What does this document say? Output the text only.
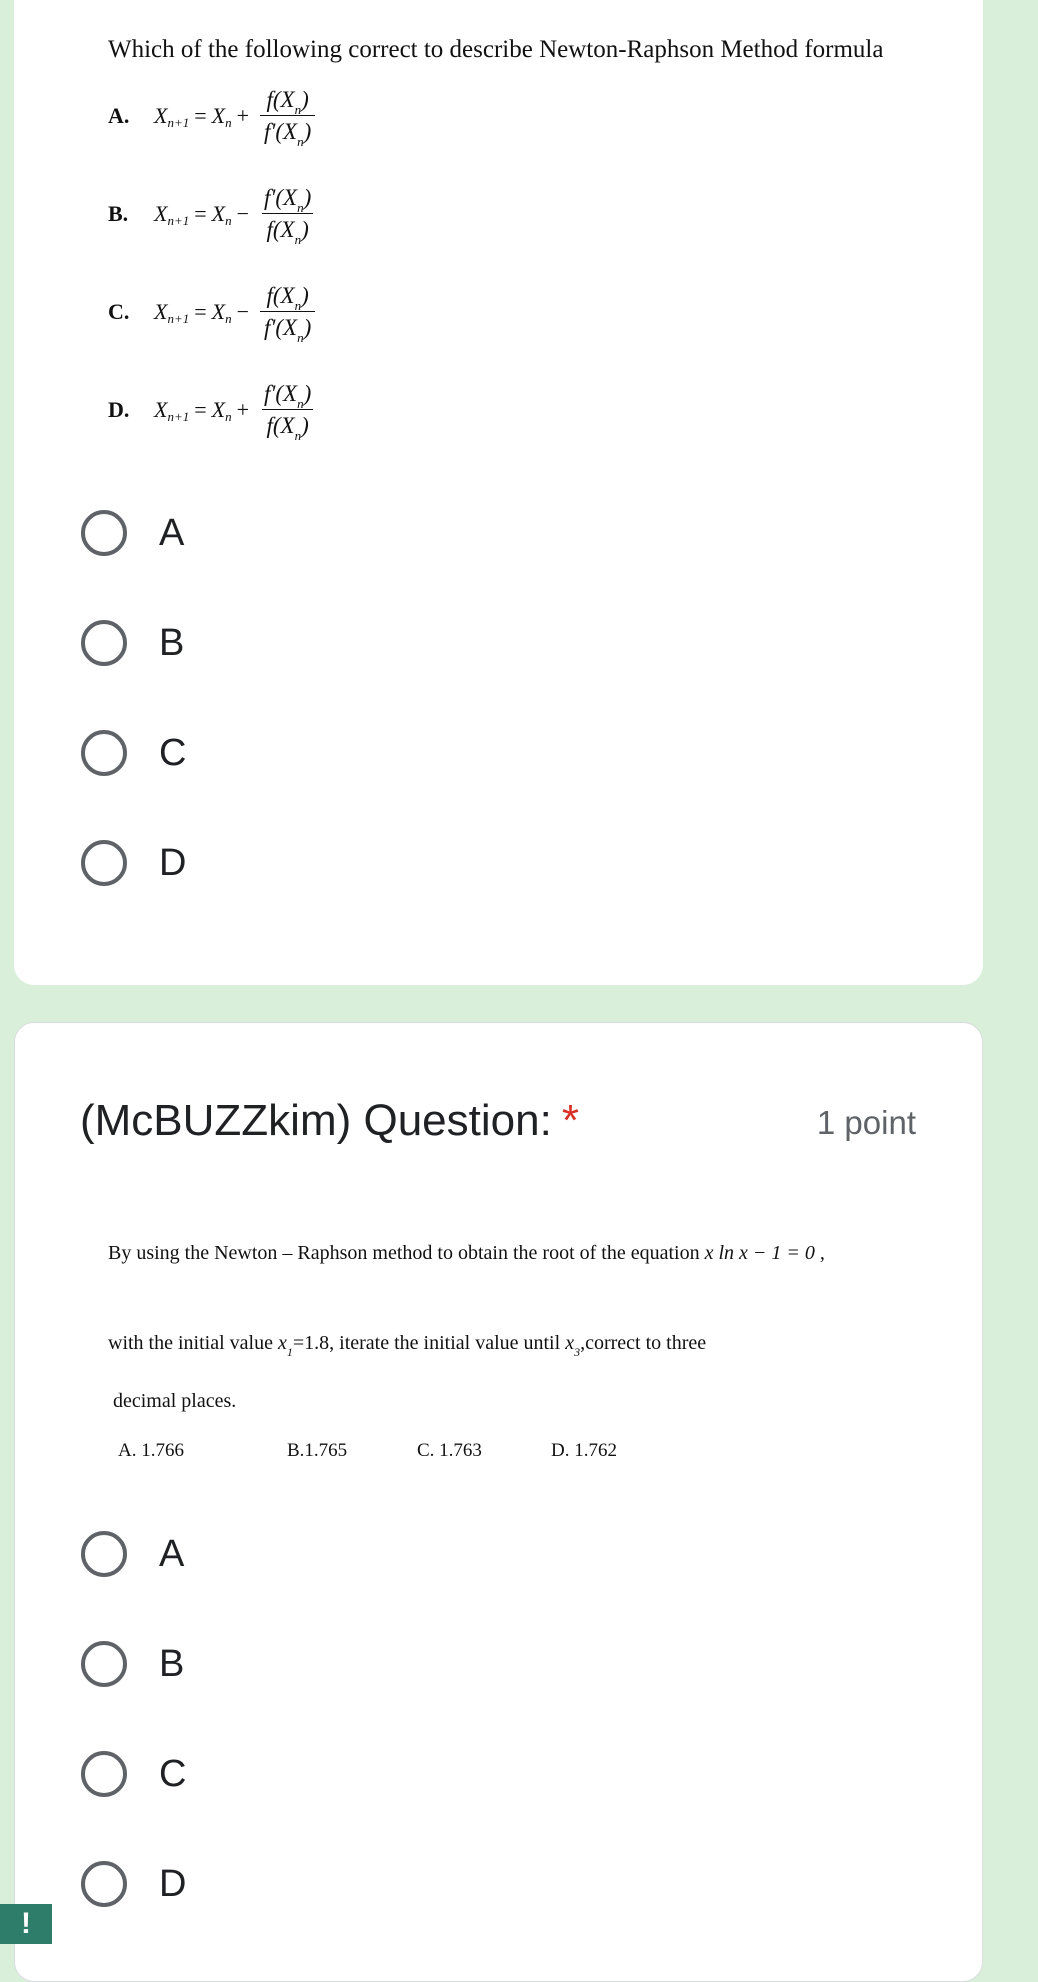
Which of the following correct to describe Newton-Raphson Method formula
A.	X n+1 = X $n + \frac{f(X_n)}{f'(X_n)}$
B.	X n+1 = X $n - \frac{f'(X_n)}{f(X_n)}$
C.	X n+1 = X $n - \frac{f(X_n)}{f'(X_n)}$
D.	X n+1 = X $n + \frac{f'(X_n)}{f(X_n)}$
A
B
C
D
(McBUZZkim) Question: *	1 point
By using the Newton – Raphson method to obtain the root of the equation x ln x − 1 = 0 ,
with the initial value $x_1=1.8$, iterate the initial value until $x_3,correct$ to three
decimal places.
A. 1.766	B.1.765	C. 1.763	D. 1.762
A
B
C
D
!
